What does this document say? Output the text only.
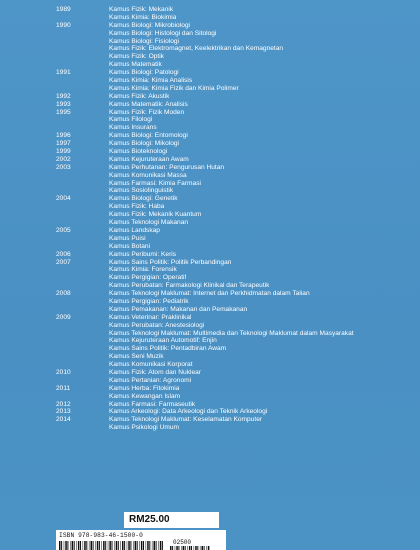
1989	Kamus Fizik: Mekanik
Kamus Kimia: Biokimia
1990	Kamus Biologi: Mikrobiologi
Kamus Biologi: Histologi dan Sitologi
Kamus Biologi: Fisiologi
Kamus Fizik: Elektromagnet, Keelektrikan dan Kemagnetan
Kamus Fizik: Optik
Kamus Matematik
1991	Kamus Biologi: Patologi
Kamus Kimia: Kimia Analisis
Kamus Kimia: Kimia Fizik dan Kimia Polimer
1992	Kamus Fizik: Akustik
1993	Kamus Matematik: Analisis
1995	Kamus Fizik: Fizik Moden
Kamus Filologi
Kamus Insurans
1996	Kamus Biologi: Entomologi
1997	Kamus Biologi: Mikologi
1999	Kamus Bioteknologi
2002	Kamus Kejuruteraan Awam
2003	Kamus Perhutanan: Pengurusan Hutan
Kamus Komunikasi Massa
Kamus Farmasi: Kimia Farmasi
Kamus Sosiolinguistik
2004	Kamus Biologi: Genetik
Kamus Fizik: Haba
Kamus Fizik: Mekanik Kuantum
Kamus Teknologi Makanan
2005	Kamus Landskap
Kamus Puisi
Kamus Botani
2006	Kamus Peribumi: Keris
2007	Kamus Sains Politik: Politik Perbandingan
Kamus Kimia: Forensik
Kamus Pergigian: Operatif
Kamus Perubatan: Farmakologi Klinikal dan Terapeutik
2008	Kamus Teknologi Maklumat: Internet dan Perkhidmatan dalam Talian
Kamus Pergigian: Pediatrik
Kamus Pemakanan: Makanan dan Pemakanan
2009	Kamus Veterinar: Praklinikal
Kamus Perubatan: Anestesiologi
Kamus Teknologi Maklumat: Multimedia dan Teknologi Maklumat dalam Masyarakat
Kamus Kejuruteraan Automotif: Enjin
Kamus Sains Politik: Pentadbiran Awam
Kamus Seni Muzik
Kamus Komunikasi Korporat
2010	Kamus Fizik: Atom dan Nuklear
Kamus Pertanian: Agronomi
2011	Kamus Herba: Fitokimia
Kamus Kewangan Islam
2012	Kamus Farmasi: Farmaseutik
2013	Kamus Arkeologi: Data Arkeologi dan Teknik Arkeologi
2014	Kamus Teknologi Maklumat: Keselamatan Komputer
Kamus Psikologi Umum
RM25.00
ISBN 978-983-46-1500-0
02500
